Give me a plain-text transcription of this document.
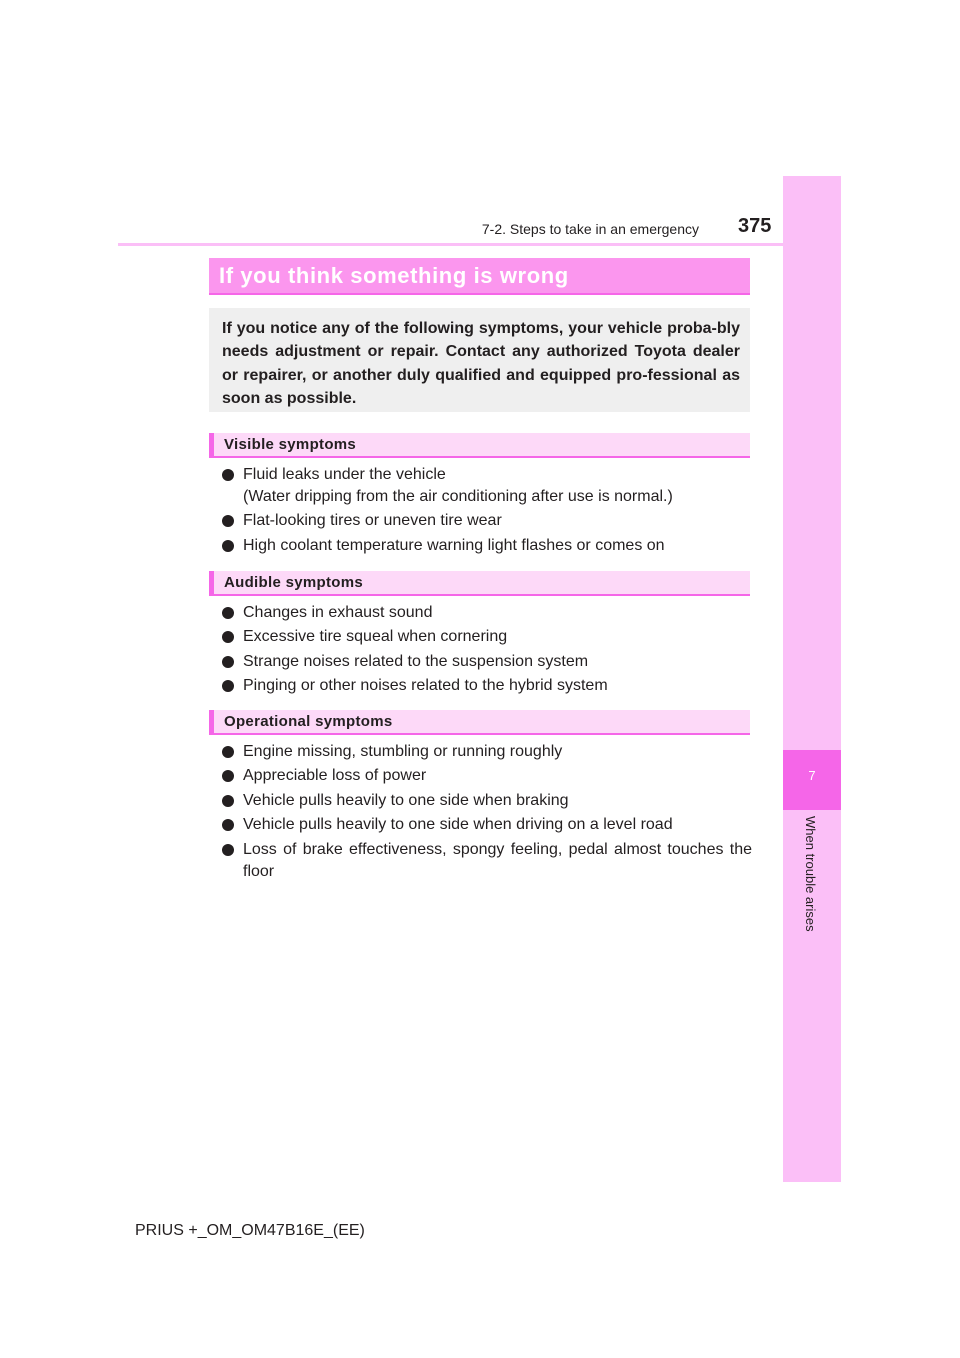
7
When trouble arises
7-2. Steps to take in an emergency 375
If you think something is wrong

If you notice any of the following symptoms, your vehicle proba-bly needs adjustment or repair. Contact any authorized Toyota dealer or repairer, or another duly qualified and equipped pro-fessional as soon as possible.

Visible symptoms
Fluid leaks under the vehicle
(Water dripping from the air conditioning after use is normal.)
Flat-looking tires or uneven tire wear
High coolant temperature warning light flashes or comes on
Audible symptoms
Changes in exhaust sound
Excessive tire squeal when cornering
Strange noises related to the suspension system
Pinging or other noises related to the hybrid system
Operational symptoms
Engine missing, stumbling or running roughly
Appreciable loss of power
Vehicle pulls heavily to one side when braking
Vehicle pulls heavily to one side when driving on a level road
Loss of brake effectiveness, spongy feeling, pedal almost touches the floor
PRIUS +_OM_OM47B16E_(EE)
